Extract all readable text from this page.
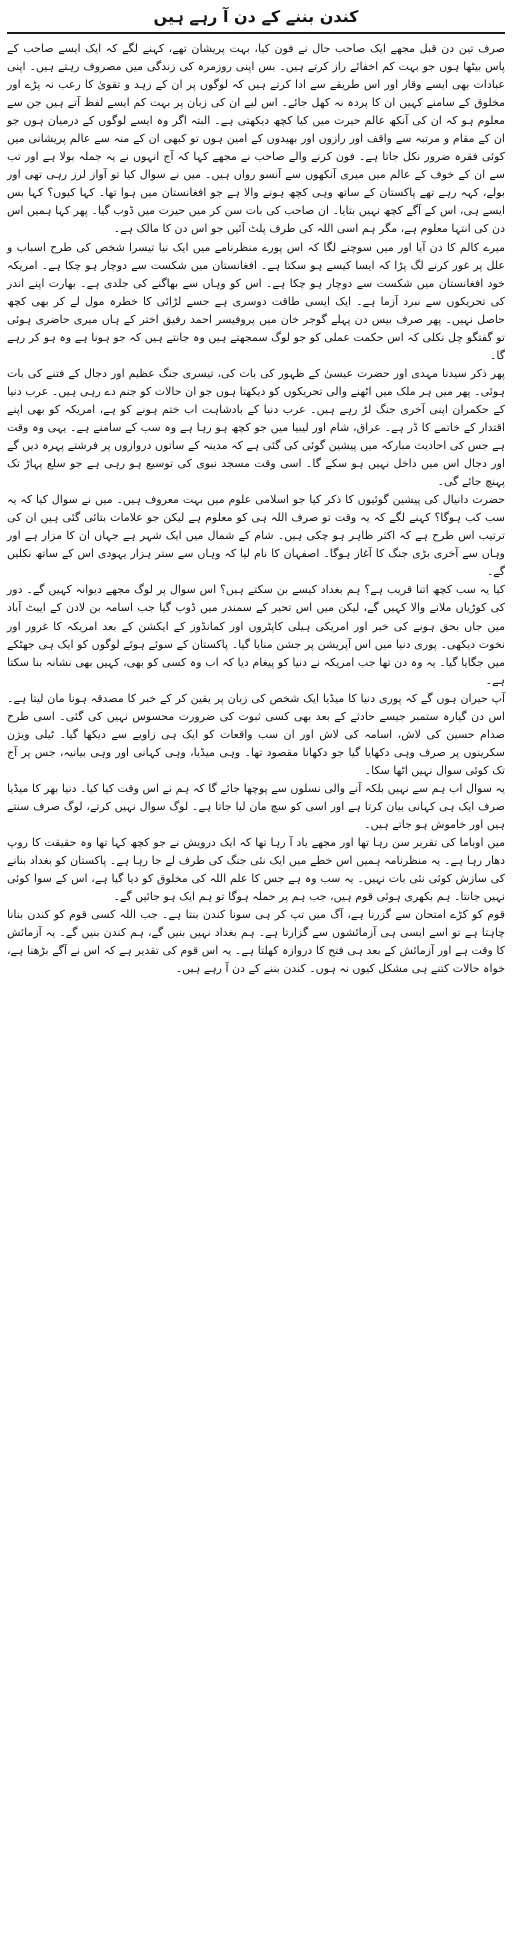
کندن بننے کے دن آ رہے ہیں

صرف تین دن قبل مجھے ایک صاحب حال نے فون کیا، بہت پریشان تھے، کہنے لگے کہ ایک ایسے صاحب کے پاس بیٹھا ہوں جو بہت کم اخفائے راز کرتے ہیں۔ بس اپنی روزمرہ کی زندگی میں مصروف رہتے ہیں۔ اپنی عبادات بھی ایسے وقار اور اس طریقے سے ادا کرتے ہیں کہ لوگوں پر ان کے زہد و تقویٰ کا رعب نہ پڑے اور مخلوق کے سامنے کہیں ان کا پردہ نہ کھل جائے۔ اس لیے ان کی زبان پر بہت کم ایسے لفظ آتے ہیں جن سے معلوم ہو کہ ان کی آنکھ عالم حیرت میں کیا کچھ دیکھتی ہے۔ البتہ اگر وہ ایسے لوگوں کے درمیان ہوں جو ان کے مقام و مرتبہ سے واقف اور رازوں اور بھیدوں کے امین ہوں تو کبھی ان کے منہ سے عالم پریشانی میں کوئی فقرہ ضرور نکل جاتا ہے۔ فون کرنے والے صاحب نے مجھے کہا کہ آج انہوں نے یہ جملہ بولا ہے اور تب سے ان کے خوف کے عالم میں میری آنکھوں سے آنسو رواں ہیں۔ میں نے سوال کیا تو آواز لرز رہی تھی اور بولے، کہہ رہے تھے پاکستان کے ساتھ وہی کچھ ہونے والا ہے جو افغانستان میں ہوا تھا۔ کہا کیوں؟ کہا بس ایسے ہی، اس کے آگے کچھ نہیں بتایا۔ ان صاحب کی بات سن کر میں حیرت میں ڈوب گیا۔ پھر کہا ہمیں اس دن کی انتہا معلوم ہے، مگر ہم اسی اللہ کی طرف پلٹ آئیں جو اس دن کا مالک ہے۔

میرے کالم کا دن آیا اور میں سوچنے لگا کہ اس پورے منظرنامے میں ایک نیا تیسرا شخص کی طرح اسباب و علل پر غور کرنے لگ پڑا کہ ایسا کیسے ہو سکتا ہے۔ افغانستان میں شکست سے دوچار ہو چکا ہے۔ امریکہ خود افغانستان میں شکست سے دوچار ہو چکا ہے۔ اس کو وہاں سے بھاگنے کی جلدی ہے۔ بھارت اپنے اندر کی تحریکوں سے نبرد آزما ہے۔ ایک ایسی طاقت دوسری ہے جسے لڑائی کا خطرہ مول لے کر بھی کچھ حاصل نہیں۔ پھر صرف بیس دن پہلے گوجر خان میں پروفیسر احمد رفیق اختر کے ہاں میری حاضری ہوئی تو گفتگو چل نکلی کہ اس حکمت عملی کو جو لوگ سمجھتے ہیں وہ جانتے ہیں کہ جو ہونا ہے وہ ہو کر رہے گا۔

پھر ذکر سیدنا مہدی اور حضرت عیسیٰ کے ظہور کی بات کی، تیسری جنگ عظیم اور دجال کے فتنے کی بات ہوئی۔ پھر میں ہر ملک میں اٹھنے والی تحریکوں کو دیکھتا ہوں جو ان حالات کو جنم دے رہی ہیں۔ عرب دنیا کے حکمران اپنی آخری جنگ لڑ رہے ہیں۔ عرب دنیا کے بادشاہت اب ختم ہونے کو ہے، امریکہ کو بھی اپنے اقتدار کے خاتمے کا ڈر ہے۔ عراق، شام اور لیبیا میں جو کچھ ہو رہا ہے وہ سب کے سامنے ہے۔ یہی وہ وقت ہے جس کی احادیث مبارکہ میں پیشین گوئی کی گئی ہے کہ مدینہ کے ساتوں دروازوں پر فرشتے پہرہ دیں گے اور دجال اس میں داخل نہیں ہو سکے گا۔ اسی وقت مسجد نبوی کی توسیع ہو رہی ہے جو سلع پہاڑ تک پہنچ جائے گی۔

حضرت دانیال کی پیشین گوئیوں کا ذکر کیا جو اسلامی علوم میں بہت معروف ہیں۔ میں نے سوال کیا کہ یہ سب کب ہوگا؟ کہنے لگے کہ یہ وقت تو صرف اللہ ہی کو معلوم ہے لیکن جو علامات بتائی گئی ہیں ان کی ترتیب اس طرح ہے کہ اکثر ظاہر ہو چکی ہیں۔ شام کے شمال میں ایک شہر ہے جہاں ان کا مزار ہے اور وہاں سے آخری بڑی جنگ کا آغاز ہوگا۔ اصفہان کا نام لیا کہ وہاں سے ستر ہزار یہودی اس کے ساتھ نکلیں گے۔

کیا یہ سب کچھ اتنا قریب ہے؟ ہم بغداد کیسے بن سکتے ہیں؟ اس سوال پر لوگ مجھے دیوانہ کہیں گے۔ دور کی کوڑیاں ملانے والا کہیں گے، لیکن میں اس تحیر کے سمندر میں ڈوب گیا جب اسامہ بن لادن کے ایبٹ آباد میں جاں بحق ہونے کی خبر اور امریکی ہیلی کاپٹروں اور کمانڈوز کے ایکشن کے بعد امریکہ کا غرور اور نخوت دیکھی۔ پوری دنیا میں اس آپریشن پر جشن منایا گیا۔ پاکستان کے سوئے ہوئے لوگوں کو ایک ہی جھٹکے میں جگایا گیا۔ یہ وہ دن تھا جب امریکہ نے دنیا کو پیغام دیا کہ اب وہ کسی کو بھی، کہیں بھی نشانہ بنا سکتا ہے۔

آپ حیران ہوں گے کہ پوری دنیا کا میڈیا ایک شخص کی زبان پر یقین کر کے خبر کا مصدقہ ہونا مان لیتا ہے۔ اس دن گیارہ ستمبر جیسے حادثے کے بعد بھی کسی ثبوت کی ضرورت محسوس نہیں کی گئی۔ اسی طرح صدام حسین کی لاش، اسامہ کی لاش اور ان سب واقعات کو ایک ہی زاویے سے دیکھا گیا۔ ٹیلی ویژن سکرینوں پر صرف وہی دکھایا گیا جو دکھانا مقصود تھا۔ وہی میڈیا، وہی کہانی اور وہی بیانیہ، جس پر آج تک کوئی سوال نہیں اٹھا سکا۔

یہ سوال اب ہم سے نہیں بلکہ آنے والی نسلوں سے پوچھا جائے گا کہ ہم نے اس وقت کیا کیا۔ دنیا بھر کا میڈیا صرف ایک ہی کہانی بیان کرتا ہے اور اسی کو سچ مان لیا جاتا ہے۔ لوگ سوال نہیں کرتے، لوگ صرف سنتے ہیں اور خاموش ہو جاتے ہیں۔

میں اوباما کی تقریر سن رہا تھا اور مجھے یاد آ رہا تھا کہ ایک درویش نے جو کچھ کہا تھا وہ حقیقت کا روپ دھار رہا ہے۔ یہ منظرنامہ ہمیں اس خطے میں ایک نئی جنگ کی طرف لے جا رہا ہے۔ پاکستان کو بغداد بنانے کی سازش کوئی نئی بات نہیں۔ یہ سب وہ ہے جس کا علم اللہ کی مخلوق کو دیا گیا ہے، اس کے سوا کوئی نہیں جانتا۔ ہم بکھری ہوئی قوم ہیں، جب ہم پر حملہ ہوگا تو ہم ایک ہو جائیں گے۔

قوم کو کڑے امتحان سے گزرنا ہے، آگ میں تپ کر ہی سونا کندن بنتا ہے۔ جب اللہ کسی قوم کو کندن بنانا چاہتا ہے تو اسے ایسی ہی آزمائشوں سے گزارتا ہے۔ ہم بغداد نہیں بنیں گے، ہم کندن بنیں گے۔ یہ آزمائش کا وقت ہے اور آزمائش کے بعد ہی فتح کا دروازہ کھلتا ہے۔ یہ اس قوم کی تقدیر ہے کہ اس نے آگے بڑھنا ہے، خواہ حالات کتنے ہی مشکل کیوں نہ ہوں۔ کندن بننے کے دن آ رہے ہیں۔
